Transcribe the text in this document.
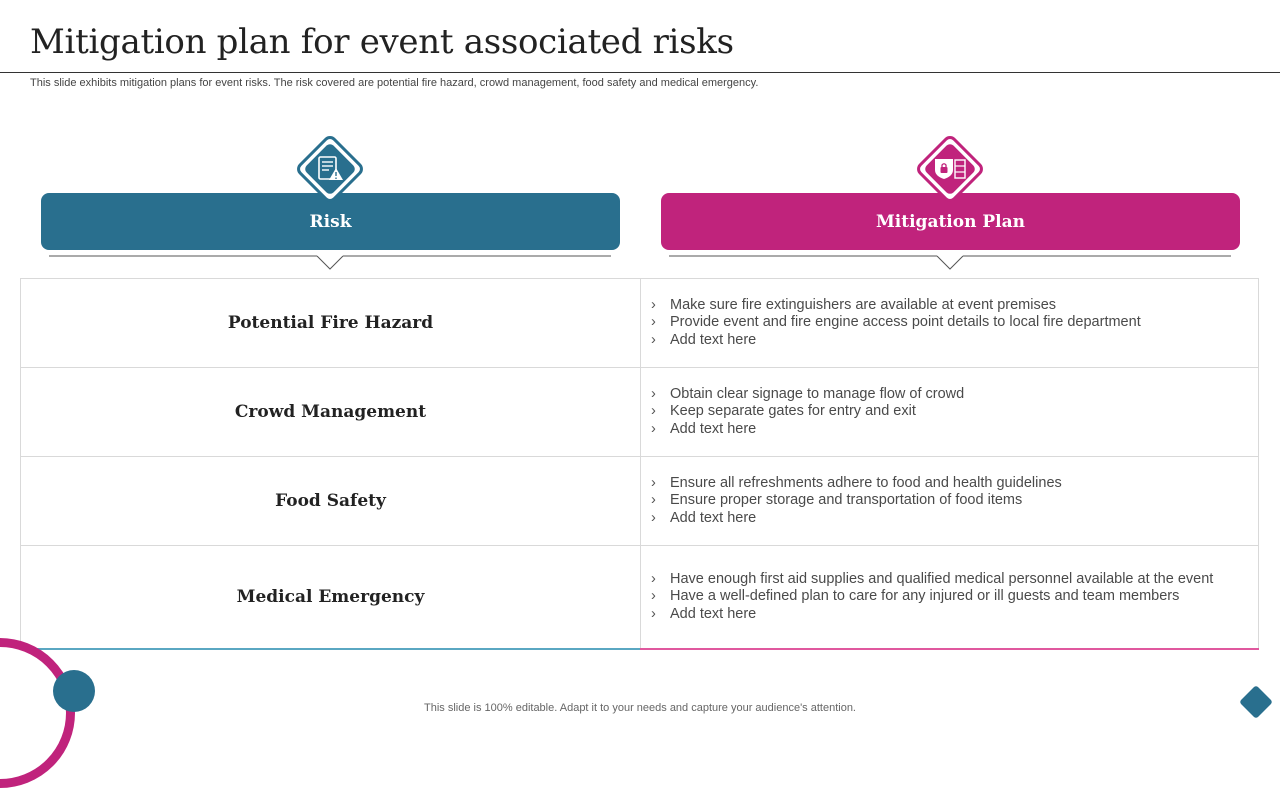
Mitigation plan for event associated risks
This slide exhibits mitigation plans for event risks. The risk covered are potential fire hazard, crowd management, food safety and medical emergency.
Risk	Mitigation Plan
Potential Fire Hazard
› Make sure fire extinguishers are available at event premises
› Provide event and fire engine access point details to local fire department
› Add text here
Crowd Management
› Obtain clear signage to manage flow of crowd
› Keep separate gates for entry and exit
› Add text here
Food Safety
› Ensure all refreshments adhere to food and health guidelines
› Ensure proper storage and transportation of food items
› Add text here
Medical Emergency
› Have enough first aid supplies and qualified medical personnel available at the event
› Have a well-defined plan to care for any injured or ill guests and team members
› Add text here
This slide is 100% editable. Adapt it to your needs and capture your audience's attention.
